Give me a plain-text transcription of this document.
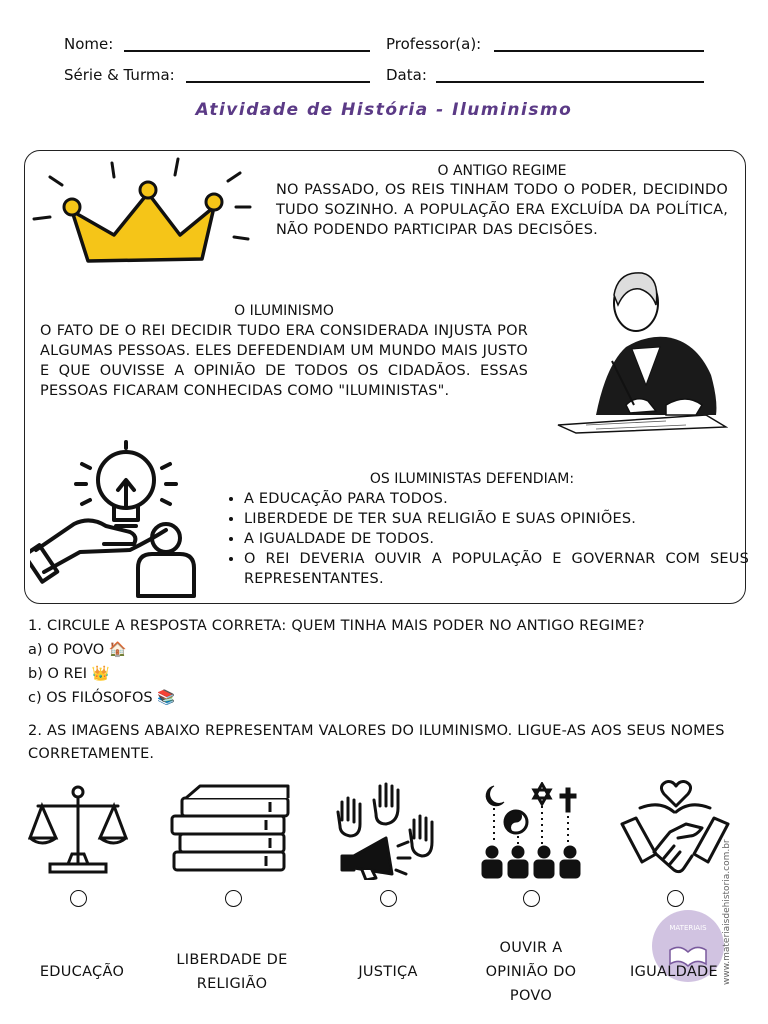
Nome:	Professor(a):
Série & Turma:	Data:
Atividade de História - Iluminismo
O ANTIGO REGIME
NO PASSADO, OS REIS TINHAM TODO O PODER, DECIDINDO TUDO SOZINHO. A POPULAÇÃO ERA EXCLUÍDA DA POLÍTICA, NÃO PODENDO PARTICIPAR DAS DECISÕES.
O ILUMINISMO
O FATO DE O REI DECIDIR TUDO ERA CONSIDERADA INJUSTA POR ALGUMAS PESSOAS. ELES DEFEDENDIAM UM MUNDO MAIS JUSTO E QUE OUVISSE A OPINIÃO DE TODOS OS CIDADÃOS. ESSAS PESSOAS FICARAM CONHECIDAS COMO "ILUMINISTAS".
OS ILUMINISTAS DEFENDIAM:
• A EDUCAÇÃO PARA TODOS.
• LIBERDEDE DE TER SUA RELIGIÃO E SUAS OPINIÕES.
• A IGUALDADE DE TODOS.
• O REI DEVERIA OUVIR A POPULAÇÃO E GOVERNAR COM SEUS REPRESENTANTES.
1. CIRCULE A RESPOSTA CORRETA: QUEM TINHA MAIS PODER NO ANTIGO REGIME?
a) O POVO 🏠
b) O REI 👑
c) OS FILÓSOFOS 📚
2. AS IMAGENS ABAIXO REPRESENTAM VALORES DO ILUMINISMO. LIGUE-AS AOS SEUS NOMES CORRETAMENTE.
MATERIAIS
EDUCAÇÃO
LIBERDADE DE RELIGIÃO
JUSTIÇA
OUVIR A OPINIÃO DO POVO
IGUALDADE www.materiaisdehistoria.com.br
